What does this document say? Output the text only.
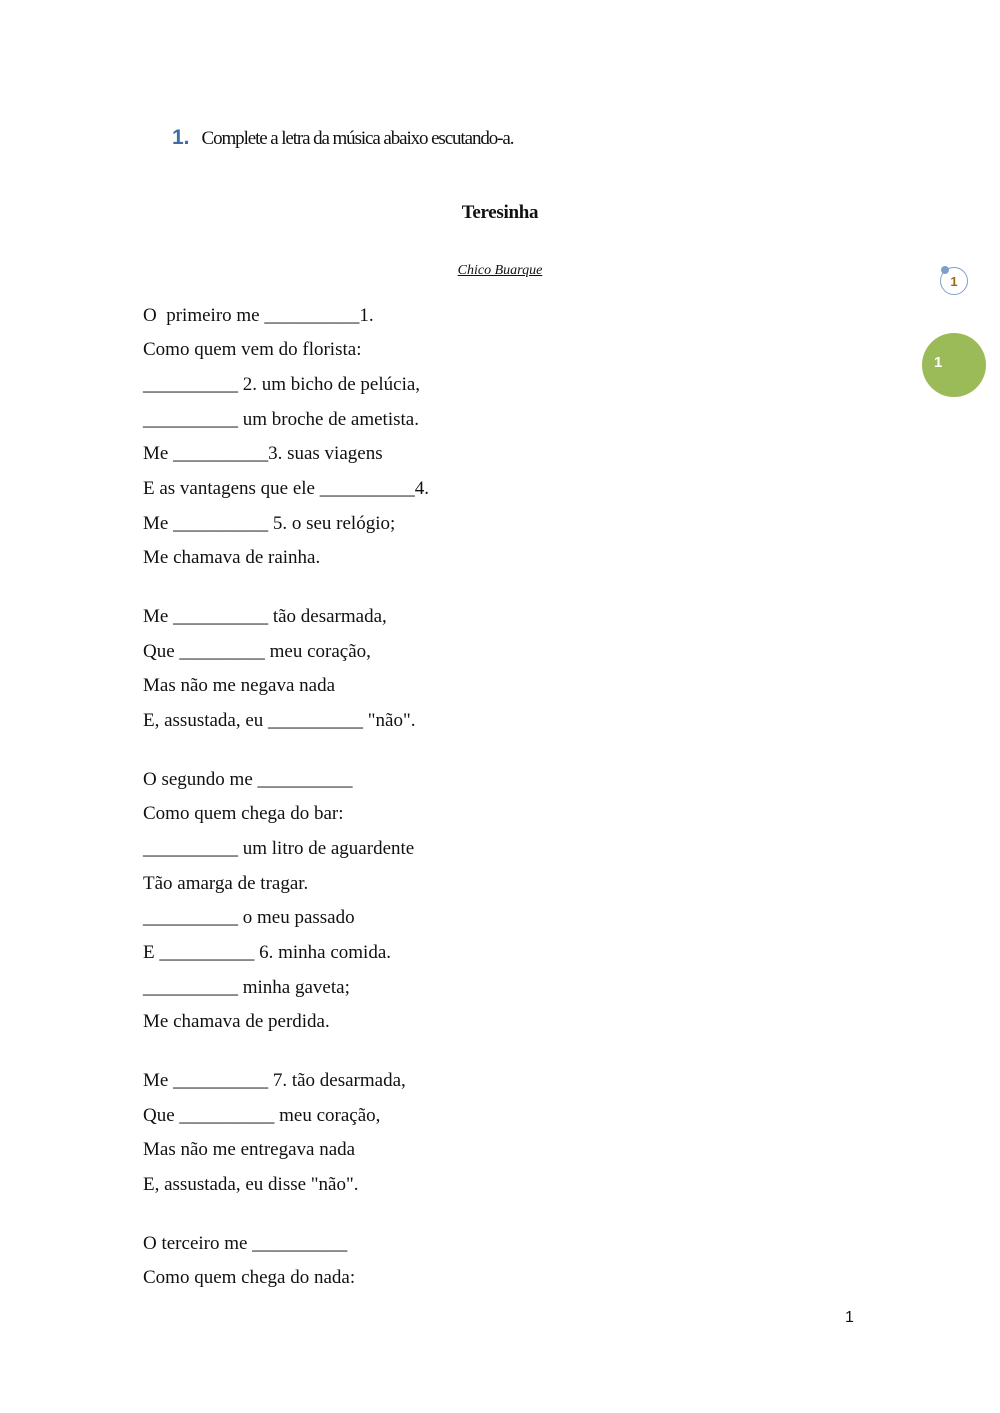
1. Complete a letra da música abaixo escutando-a.
Teresinha
Chico Buarque
O  primeiro me __________1.
Como quem vem do florista:
__________ 2. um bicho de pelúcia,
__________ um broche de ametista.
Me __________3. suas viagens
E as vantagens que ele __________4.
Me __________ 5. o seu relógio;
Me chamava de rainha.
Me __________ tão desarmada,
Que _________ meu coração,
Mas não me negava nada
E, assustada, eu __________ "não".
O segundo me __________
Como quem chega do bar:
__________ um litro de aguardente
Tão amarga de tragar.
__________ o meu passado
E __________ 6. minha comida.
__________ minha gaveta;
Me chamava de perdida.
Me __________ 7. tão desarmada,
Que __________ meu coração,
Mas não me entregava nada
E, assustada, eu disse "não".
O terceiro me __________
Como quem chega do nada:
1
1
1
